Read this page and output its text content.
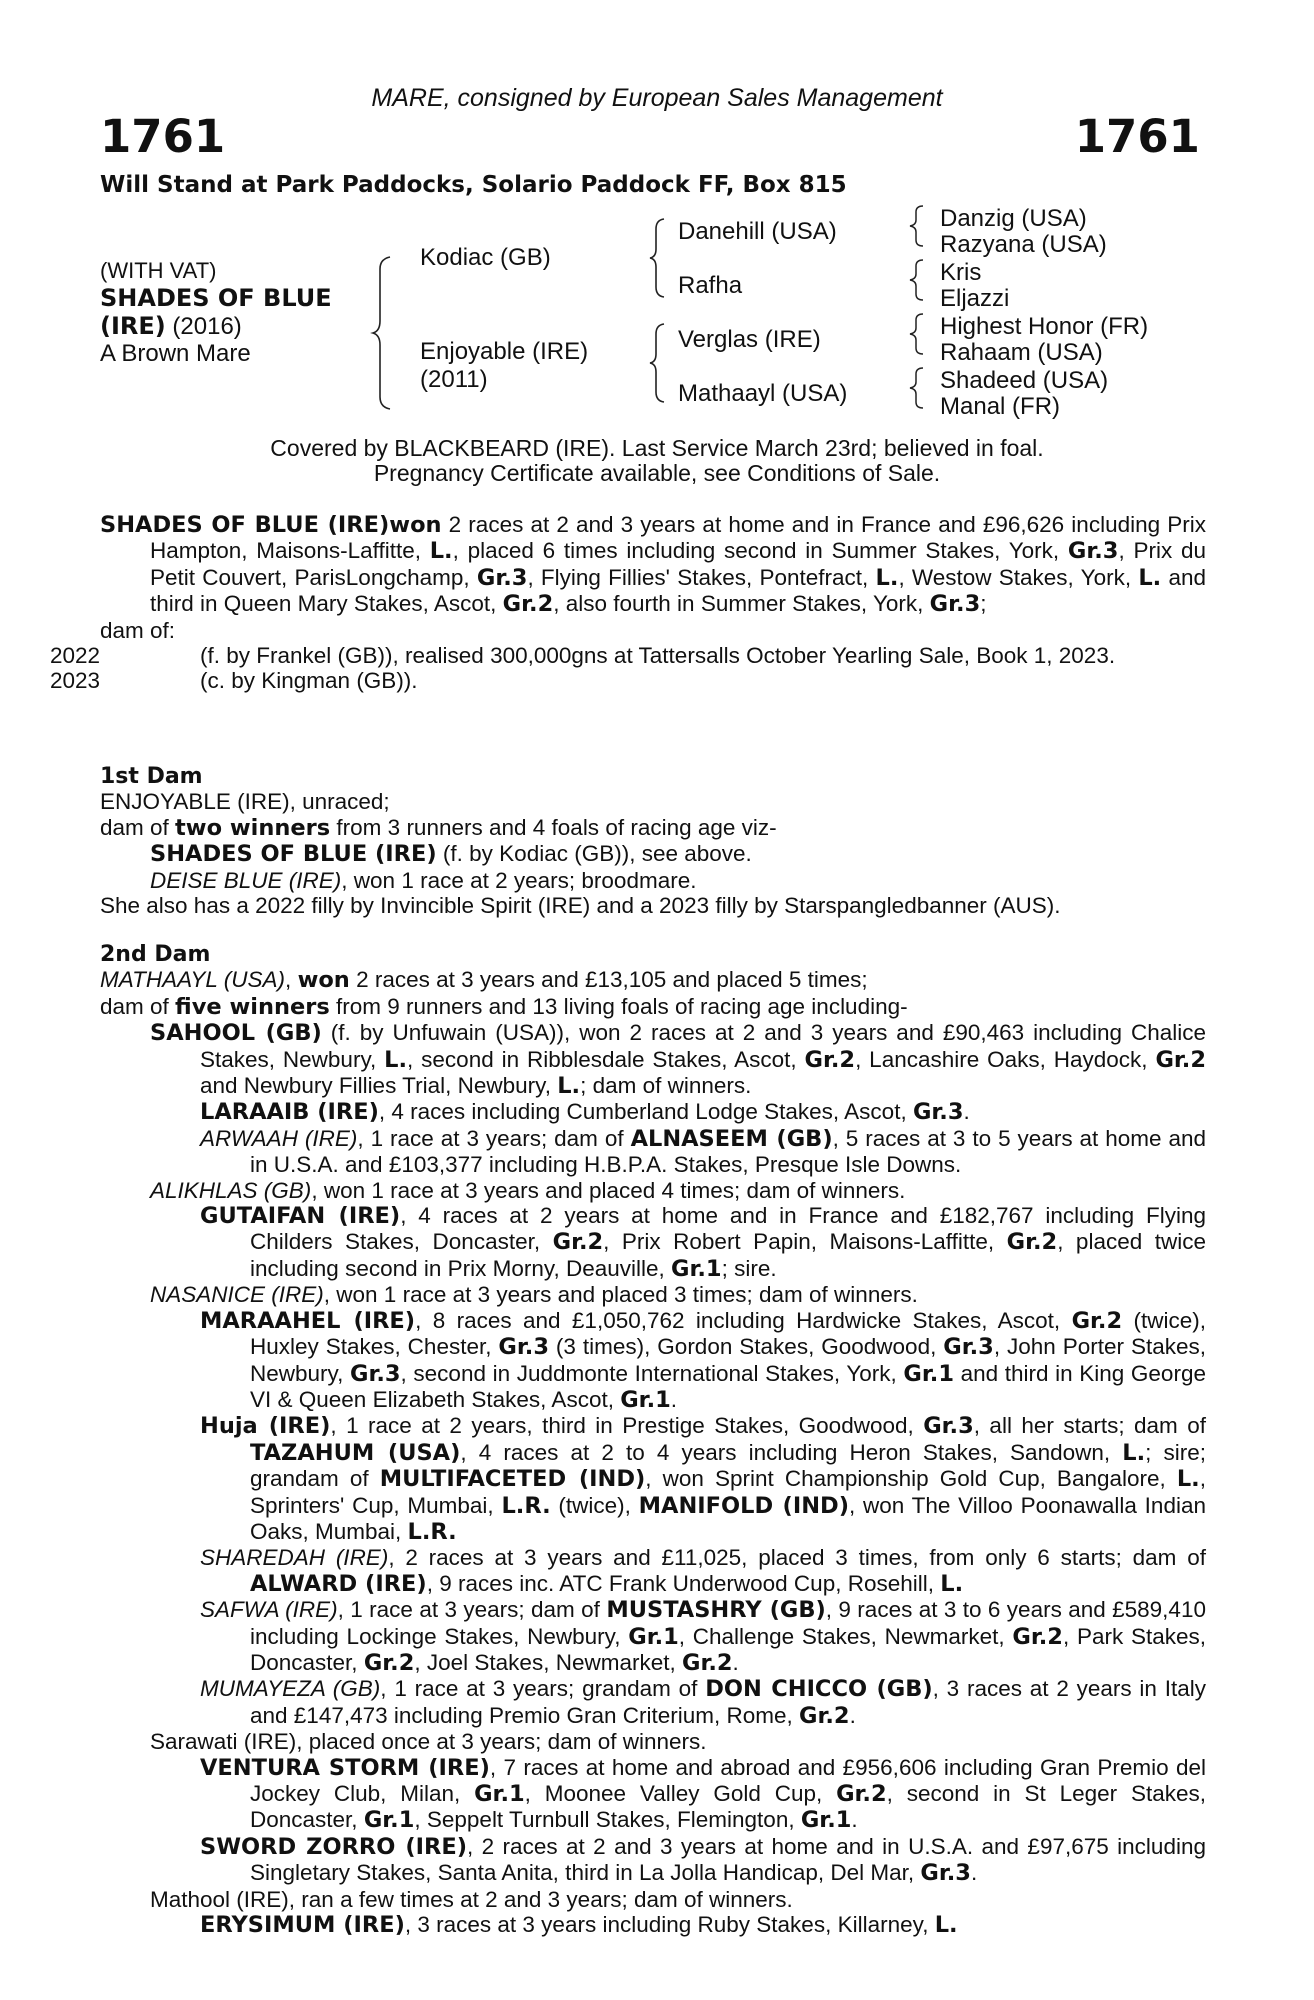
MARE, consigned by European Sales Management
1761	1761
Will Stand at Park Paddocks, Solario Paddock FF, Box 815
(WITH VAT)
SHADES OF BLUE
(IRE) (2016)
A Brown Mare
Kodiac (GB)
Enjoyable (IRE)
(2011)
Danehill (USA)
Rafha
Verglas (IRE)
Mathaayl (USA)
Danzig (USA)
Razyana (USA)
Kris
Eljazzi
Highest Honor (FR)
Rahaam (USA)
Shadeed (USA)
Manal (FR)
Covered by BLACKBEARD (IRE). Last Service March 23rd; believed in foal.
Pregnancy Certificate available, see Conditions of Sale.

SHADES OF BLUE (IRE)won 2 races at 2 and 3 years at home and in France and £96,626 including Prix Hampton, Maisons-Laffitte, L., placed 6 times including second in Summer Stakes, York, Gr.3, Prix du Petit Couvert, ParisLongchamp, Gr.3, Flying Fillies' Stakes, Pontefract, L., Westow Stakes, York, L. and third in Queen Mary Stakes, Ascot, Gr.2, also fourth in Summer Stakes, York, Gr.3;

dam of:

2022	(f. by Frankel (GB)), realised 300,000gns at Tattersalls October Yearling Sale, Book 1, 2023.

2023	(c. by Kingman (GB)).

1st Dam

ENJOYABLE (IRE), unraced;

dam of two winners from 3 runners and 4 foals of racing age viz-

SHADES OF BLUE (IRE) (f. by Kodiac (GB)), see above.

DEISE BLUE (IRE), won 1 race at 2 years; broodmare.

She also has a 2022 filly by Invincible Spirit (IRE) and a 2023 filly by Starspangledbanner (AUS).

2nd Dam

MATHAAYL (USA), won 2 races at 3 years and £13,105 and placed 5 times;

dam of five winners from 9 runners and 13 living foals of racing age including-

SAHOOL (GB) (f. by Unfuwain (USA)), won 2 races at 2 and 3 years and £90,463 including Chalice Stakes, Newbury, L., second in Ribblesdale Stakes, Ascot, Gr.2, Lancashire Oaks, Haydock, Gr.2 and Newbury Fillies Trial, Newbury, L.; dam of winners.

LARAAIB (IRE), 4 races including Cumberland Lodge Stakes, Ascot, Gr.3.

ARWAAH (IRE), 1 race at 3 years; dam of ALNASEEM (GB), 5 races at 3 to 5 years at home and in U.S.A. and £103,377 including H.B.P.A. Stakes, Presque Isle Downs.

ALIKHLAS (GB), won 1 race at 3 years and placed 4 times; dam of winners.

GUTAIFAN (IRE), 4 races at 2 years at home and in France and £182,767 including Flying Childers Stakes, Doncaster, Gr.2, Prix Robert Papin, Maisons-Laffitte, Gr.2, placed twice including second in Prix Morny, Deauville, Gr.1; sire.

NASANICE (IRE), won 1 race at 3 years and placed 3 times; dam of winners.

MARAAHEL (IRE), 8 races and £1,050,762 including Hardwicke Stakes, Ascot, Gr.2 (twice), Huxley Stakes, Chester, Gr.3 (3 times), Gordon Stakes, Goodwood, Gr.3, John Porter Stakes, Newbury, Gr.3, second in Juddmonte International Stakes, York, Gr.1 and third in King George VI & Queen Elizabeth Stakes, Ascot, Gr.1.

Huja (IRE), 1 race at 2 years, third in Prestige Stakes, Goodwood, Gr.3, all her starts; dam of TAZAHUM (USA), 4 races at 2 to 4 years including Heron Stakes, Sandown, L.; sire; grandam of MULTIFACETED (IND), won Sprint Championship Gold Cup, Bangalore, L., Sprinters' Cup, Mumbai, L.R. (twice), MANIFOLD (IND), won The Villoo Poonawalla Indian Oaks, Mumbai, L.R.

SHAREDAH (IRE), 2 races at 3 years and £11,025, placed 3 times, from only 6 starts; dam of ALWARD (IRE), 9 races inc. ATC Frank Underwood Cup, Rosehill, L.

SAFWA (IRE), 1 race at 3 years; dam of MUSTASHRY (GB), 9 races at 3 to 6 years and £589,410 including Lockinge Stakes, Newbury, Gr.1, Challenge Stakes, Newmarket, Gr.2, Park Stakes, Doncaster, Gr.2, Joel Stakes, Newmarket, Gr.2.

MUMAYEZA (GB), 1 race at 3 years; grandam of DON CHICCO (GB), 3 races at 2 years in Italy and £147,473 including Premio Gran Criterium, Rome, Gr.2.

Sarawati (IRE), placed once at 3 years; dam of winners.

VENTURA STORM (IRE), 7 races at home and abroad and £956,606 including Gran Premio del Jockey Club, Milan, Gr.1, Moonee Valley Gold Cup, Gr.2, second in St Leger Stakes, Doncaster, Gr.1, Seppelt Turnbull Stakes, Flemington, Gr.1.

SWORD ZORRO (IRE), 2 races at 2 and 3 years at home and in U.S.A. and £97,675 including Singletary Stakes, Santa Anita, third in La Jolla Handicap, Del Mar, Gr.3.

Mathool (IRE), ran a few times at 2 and 3 years; dam of winners.

ERYSIMUM (IRE), 3 races at 3 years including Ruby Stakes, Killarney, L.
